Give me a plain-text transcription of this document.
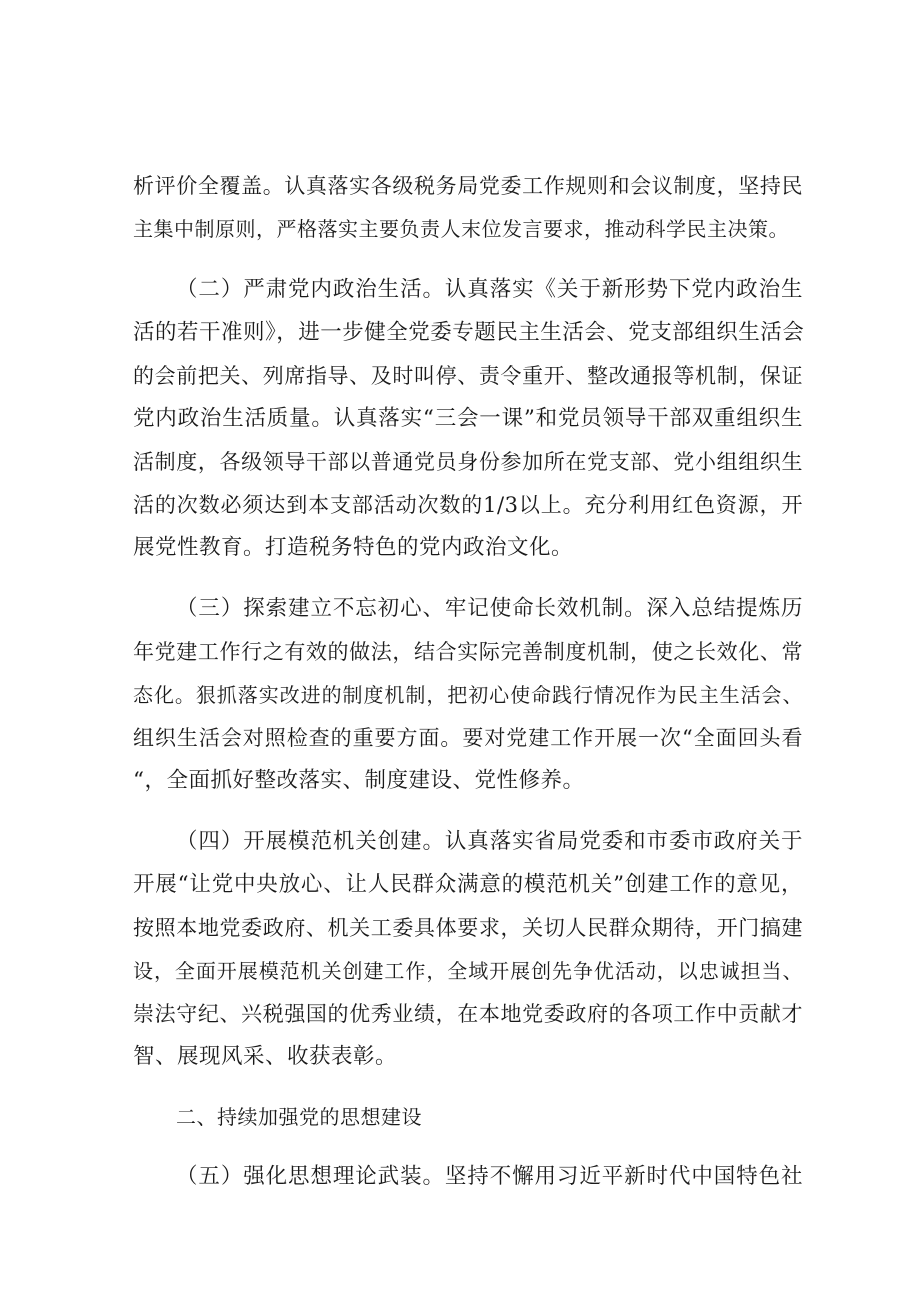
析评价全覆盖。认真落实各级税务局党委工作规则和会议制度，坚持民
主集中制原则，严格落实主要负责人末位发言要求，推动科学民主决策。
（二）严肃党内政治生活。认真落实《关于新形势下党内政治生
活的若干准则》，进一步健全党委专题民主生活会、党支部组织生活会
的会前把关、列席指导、及时叫停、责令重开、整改通报等机制，保证
党内政治生活质量。认真落实“三会一课”和党员领导干部双重组织生
活制度，各级领导干部以普通党员身份参加所在党支部、党小组组织生
活的次数必须达到本支部活动次数的1/3以上。充分利用红色资源，开
展党性教育。打造税务特色的党内政治文化。
（三）探索建立不忘初心、牢记使命长效机制。深入总结提炼历
年党建工作行之有效的做法，结合实际完善制度机制，使之长效化、常
态化。狠抓落实改进的制度机制，把初心使命践行情况作为民主生活会、
组织生活会对照检查的重要方面。要对党建工作开展一次“全面回头看
“，全面抓好整改落实、制度建设、党性修养。
（四）开展模范机关创建。认真落实省局党委和市委市政府关于
开展“让党中央放心、让人民群众满意的模范机关”创建工作的意见，
按照本地党委政府、机关工委具体要求，关切人民群众期待，开门搞建
设，全面开展模范机关创建工作，全域开展创先争优活动，以忠诚担当、
崇法守纪、兴税强国的优秀业绩，在本地党委政府的各项工作中贡献才
智、展现风采、收获表彰。
二、持续加强党的思想建设
（五）强化思想理论武装。坚持不懈用习近平新时代中国特色社
